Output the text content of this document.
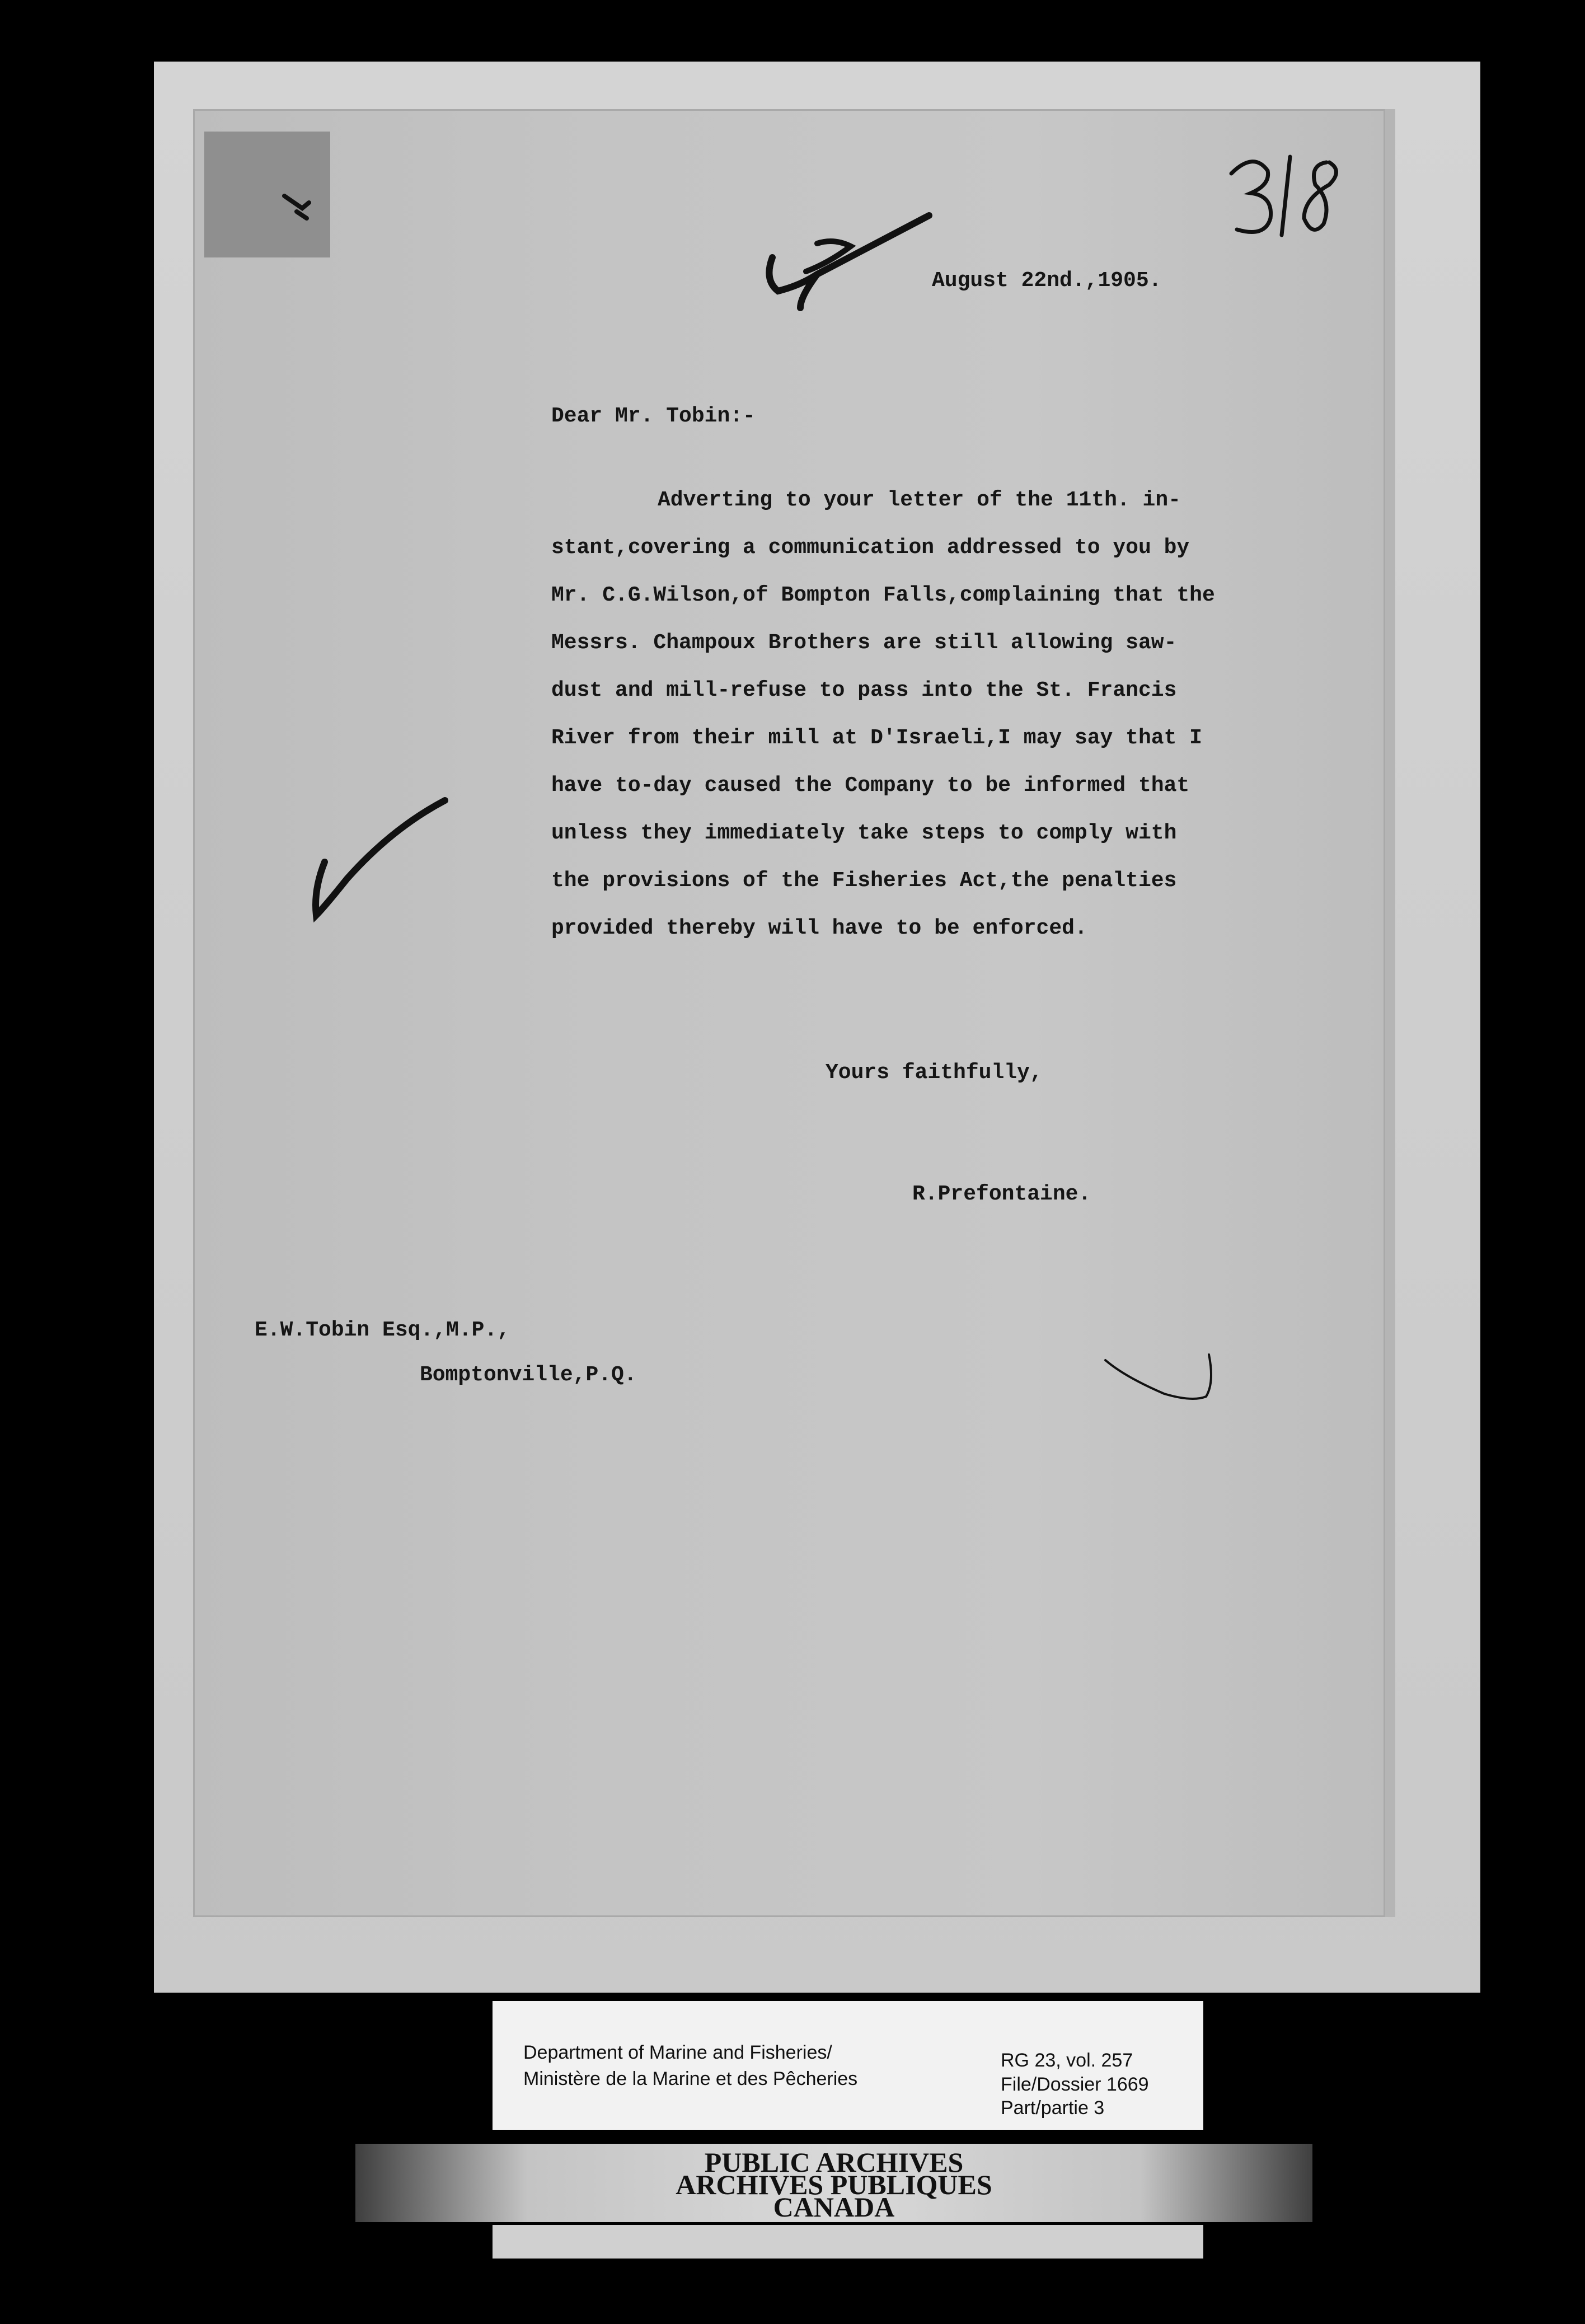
August 22nd.,1905.
Dear Mr. Tobin:-
Adverting to your letter of the 11th. in-
stant,covering a communication addressed to you by
Mr. C.G.Wilson,of Bompton Falls,complaining that the
Messrs. Champoux Brothers are still allowing saw-
dust and mill-refuse to pass into the St. Francis
River from their mill at D'Israeli,I may say that I
have to-day caused the Company to be informed that
unless they immediately take steps to comply with
the provisions of the Fisheries Act,the penalties
provided thereby will have to be enforced.
Yours faithfully,
R.Prefontaine.
E.W.Tobin Esq.,M.P.,
Bomptonville,P.Q.
Department of Marine and Fisheries/
Ministère de la Marine et des Pêcheries
RG 23, vol. 257
File/Dossier 1669
Part/partie 3
PUBLIC ARCHIVES
ARCHIVES PUBLIQUES
CANADA
